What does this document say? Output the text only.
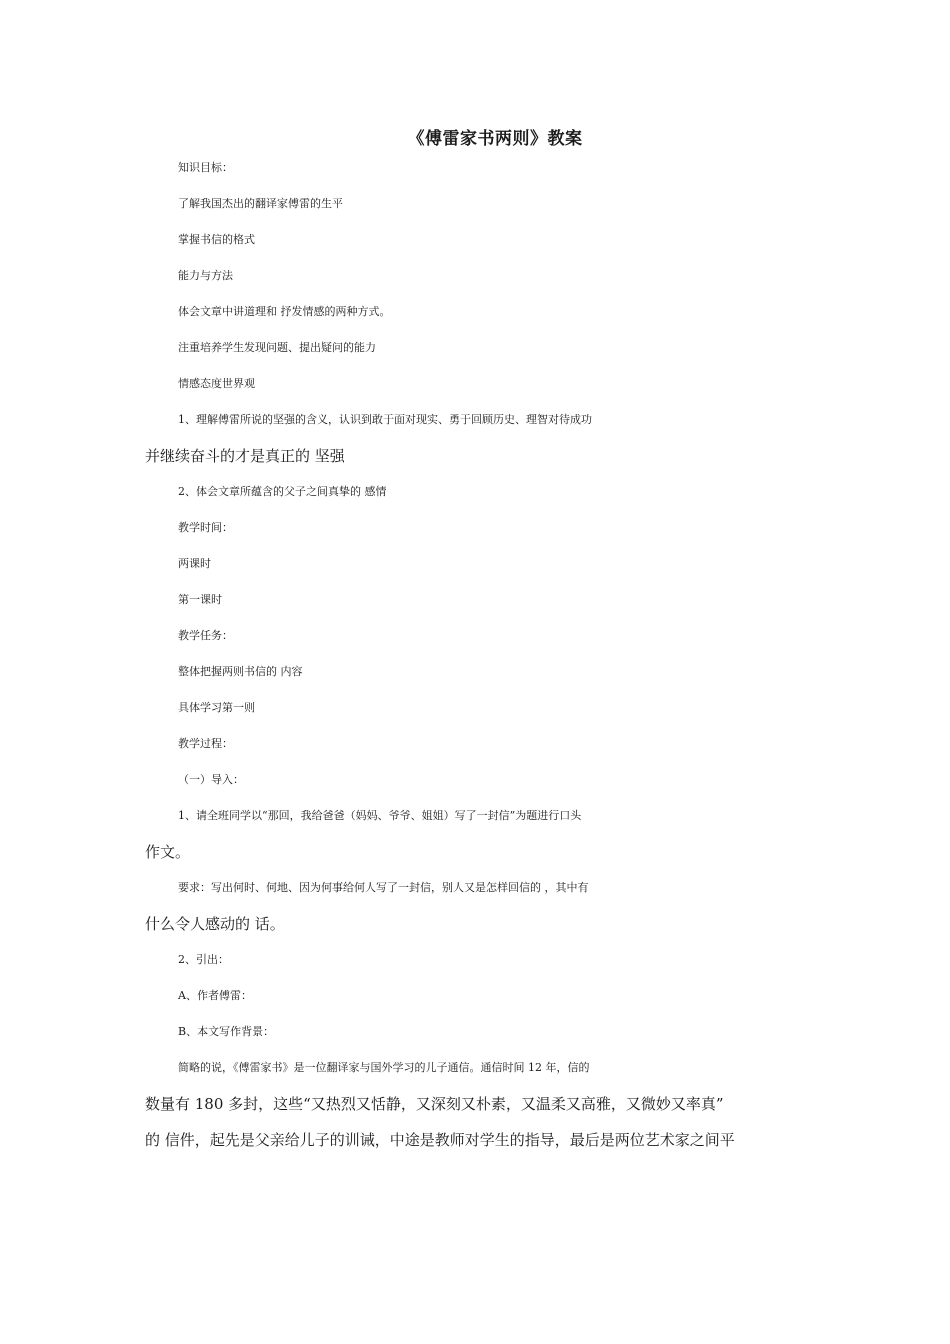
《傅雷家书两则》教案
知识目标：
了解我国杰出的翻译家傅雷的生平
掌握书信的格式
能力与方法
体会文章中讲道理和 抒发情感的两种方式。
注重培养学生发现问题、提出疑问的能力
情感态度世界观
1、理解傅雷所说的坚强的含义，认识到敢于面对现实、勇于回顾历史、理智对待成功
并继续奋斗的才是真正的 坚强
2、体会文章所蕴含的父子之间真挚的 感情
教学时间：
两课时
第一课时
教学任务：
整体把握两则书信的 内容
具体学习第一则
教学过程：
（一）导入：
1、请全班同学以“那回，我给爸爸（妈妈、爷爷、姐姐）写了一封信”为题进行口头
作文。
要求：写出何时、何地、因为何事给何人写了一封信，别人又是怎样回信的 ，其中有
什么令人感动的 话。
2、引出：
A、作者傅雷：
B、本文写作背景：
简略的说，《傅雷家书》是一位翻译家与国外学习的儿子通信。通信时间 12 年，信的
数量有 180 多封，这些“又热烈又恬静，又深刻又朴素，又温柔又高雅，又微妙又率真”
的 信件，起先是父亲给儿子的训诫，中途是教师对学生的指导，最后是两位艺术家之间平
